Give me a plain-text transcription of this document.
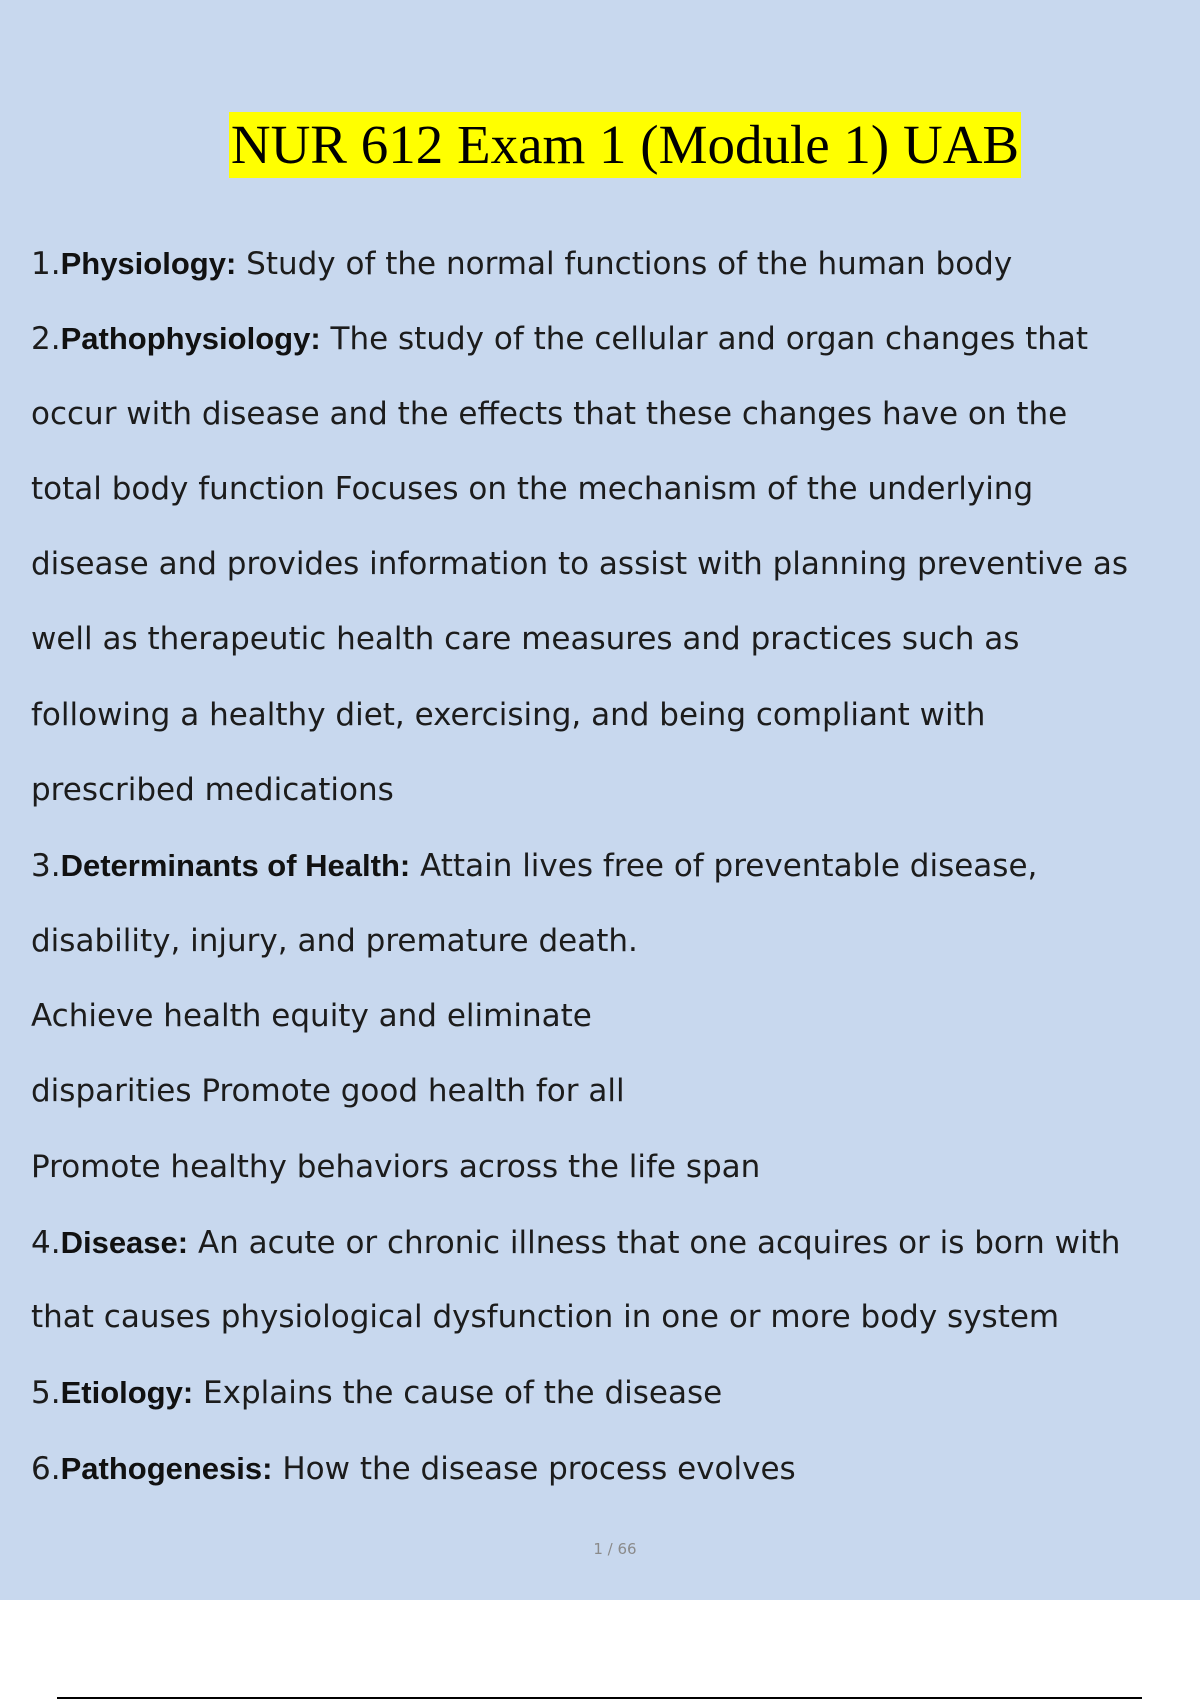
NUR 612 Exam 1 (Module 1) UAB
1.Physiology: Study of the normal functions of the human body
2.Pathophysiology: The study of the cellular and organ changes that
occur with disease and the effects that these changes have on the
total body function Focuses on the mechanism of the underlying
disease and provides information to assist with planning preventive as
well as therapeutic health care measures and practices such as
following a healthy diet, exercising, and being compliant with
prescribed medications
3.Determinants of Health: Attain lives free of preventable disease,
disability, injury, and premature death.
Achieve health equity and eliminate
disparities Promote good health for all
Promote healthy behaviors across the life span
4.Disease: An acute or chronic illness that one acquires or is born with
that causes physiological dysfunction in one or more body system
5.Etiology: Explains the cause of the disease
6.Pathogenesis: How the disease process evolves
1 / 66
